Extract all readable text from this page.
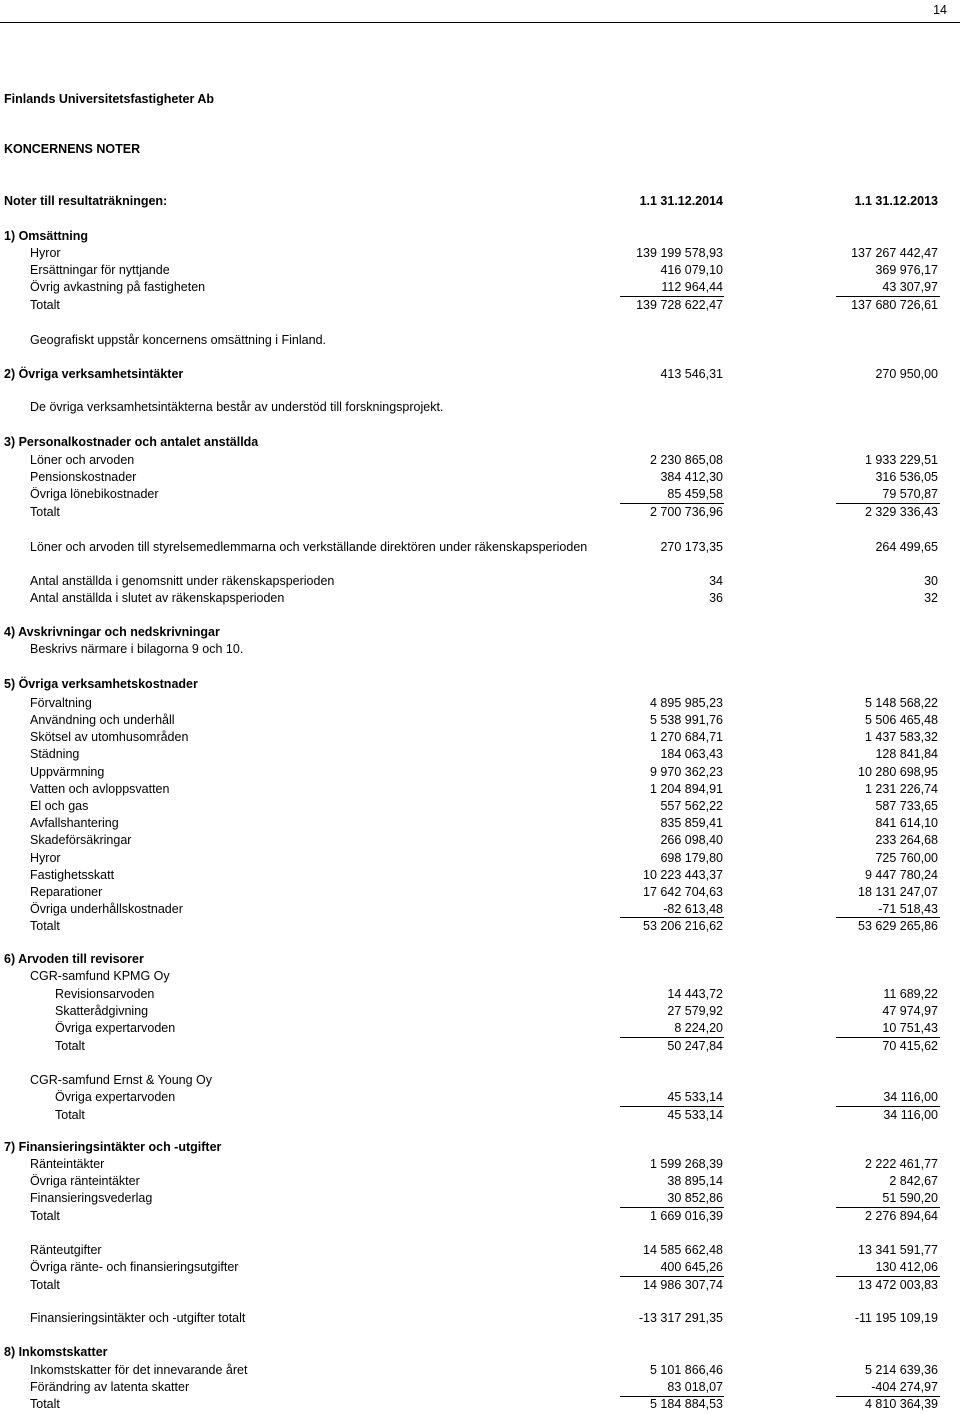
14
Finlands Universitetsfastigheter Ab
KONCERNENS NOTER
Noter till resultaträkningen:	1.1 31.12.2014	1.1 31.12.2013
1) Omsättning
Hyror	139 199 578,93	137 267 442,47
Ersättningar för nyttjande	416 079,10	369 976,17
Övrig avkastning på fastigheten	112 964,44	43 307,97
Totalt	139 728 622,47	137 680 726,61
Geografiskt uppstår koncernens omsättning i Finland.
2) Övriga verksamhetsintäkter	413 546,31	270 950,00
De övriga verksamhetsintäkterna består av understöd till forskningsprojekt.
3) Personalkostnader och antalet anställda
Löner och arvoden	2 230 865,08	1 933 229,51
Pensionskostnader	384 412,30	316 536,05
Övriga lönebikostnader	85 459,58	79 570,87
Totalt	2 700 736,96	2 329 336,43
Löner och arvoden till styrelsemedlemmarna och verkställande direktören under räkenskapsperioden	270 173,35	264 499,65
Antal anställda i genomsnitt under räkenskapsperioden	34	30
Antal anställda i slutet av räkenskapsperioden	36	32
4) Avskrivningar och nedskrivningar
Beskrivs närmare i bilagorna 9 och 10.
5) Övriga verksamhetskostnader
Förvaltning	4 895 985,23	5 148 568,22
Användning och underhåll	5 538 991,76	5 506 465,48
Skötsel av utomhusområden	1 270 684,71	1 437 583,32
Städning	184 063,43	128 841,84
Uppvärmning	9 970 362,23	10 280 698,95
Vatten och avloppsvatten	1 204 894,91	1 231 226,74
El och gas	557 562,22	587 733,65
Avfallshantering	835 859,41	841 614,10
Skadeförsäkringar	266 098,40	233 264,68
Hyror	698 179,80	725 760,00
Fastighetsskatt	10 223 443,37	9 447 780,24
Reparationer	17 642 704,63	18 131 247,07
Övriga underhållskostnader	-82 613,48	-71 518,43
Totalt	53 206 216,62	53 629 265,86
6) Arvoden till revisorer
CGR-samfund KPMG Oy
Revisionsarvoden	14 443,72	11 689,22
Skatterådgivning	27 579,92	47 974,97
Övriga expertarvoden	8 224,20	10 751,43
Totalt	50 247,84	70 415,62
CGR-samfund Ernst & Young Oy
Övriga expertarvoden	45 533,14	34 116,00
Totalt	45 533,14	34 116,00
7) Finansieringsintäkter och -utgifter
Ränteintäkter	1 599 268,39	2 222 461,77
Övriga ränteintäkter	38 895,14	2 842,67
Finansieringsvederlag	30 852,86	51 590,20
Totalt	1 669 016,39	2 276 894,64
Ränteutgifter	14 585 662,48	13 341 591,77
Övriga ränte- och finansieringsutgifter	400 645,26	130 412,06
Totalt	14 986 307,74	13 472 003,83
Finansieringsintäkter och -utgifter totalt	-13 317 291,35	-11 195 109,19
8) Inkomstskatter
Inkomstskatter för det innevarande året	5 101 866,46	5 214 639,36
Förändring av latenta skatter	83 018,07	-404 274,97
Totalt	5 184 884,53	4 810 364,39
